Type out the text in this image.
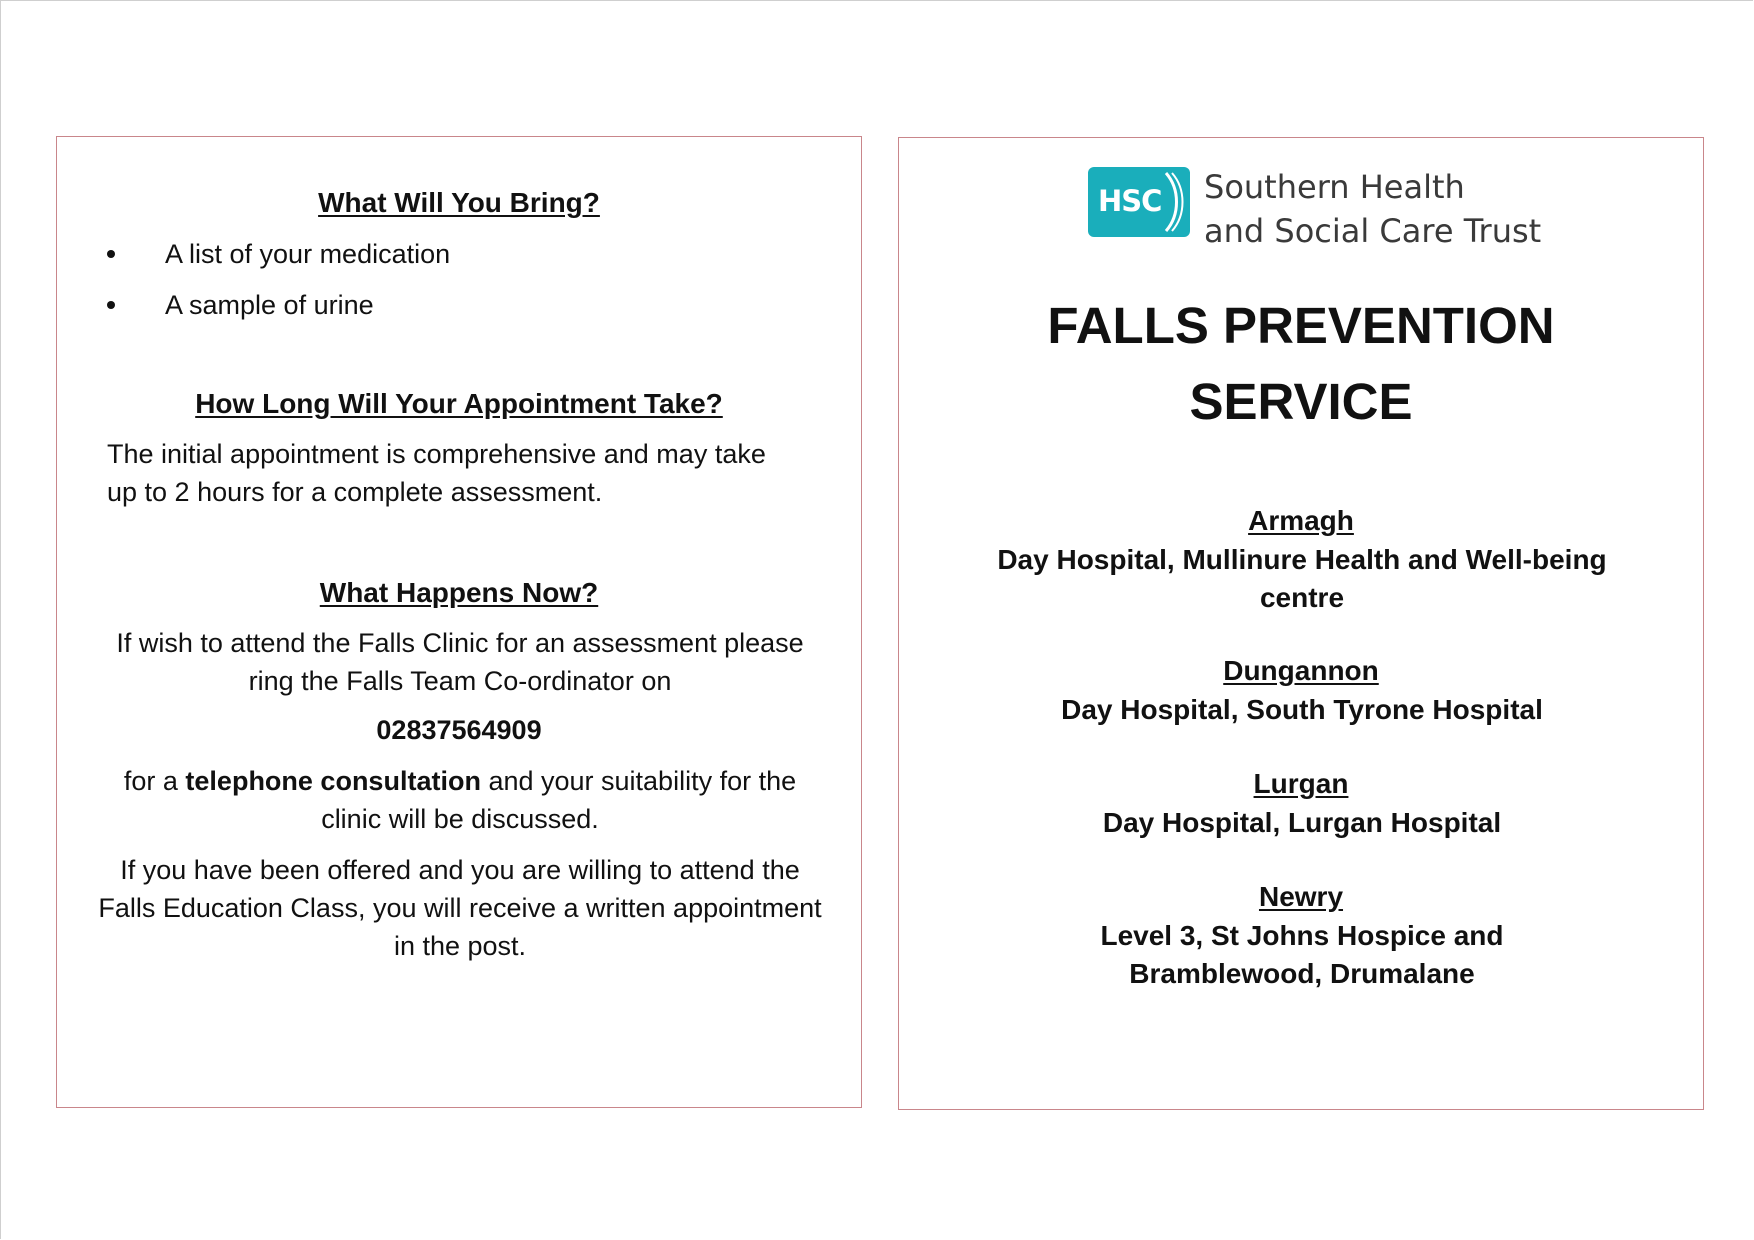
What Will You Bring?
A list of your medication
A sample of urine
How Long Will Your Appointment Take?
The initial appointment is comprehensive and may take up to 2 hours for a complete assessment.
What Happens Now?
If wish to attend the Falls Clinic for an assessment please ring the Falls Team Co-ordinator on
02837564909
for a telephone consultation and your suitability for the clinic will be discussed.
If you have been offered and you are willing to attend the Falls Education Class, you will receive a written appointment in the post.
HSC Southern Health
and Social Care Trust
FALLS PREVENTION
SERVICE
Armagh
Day Hospital, Mullinure Health and Well-being centre
Dungannon
Day Hospital, South Tyrone Hospital
Lurgan
Day Hospital, Lurgan Hospital
Newry
Level 3, St Johns Hospice and Bramblewood, Drumalane
